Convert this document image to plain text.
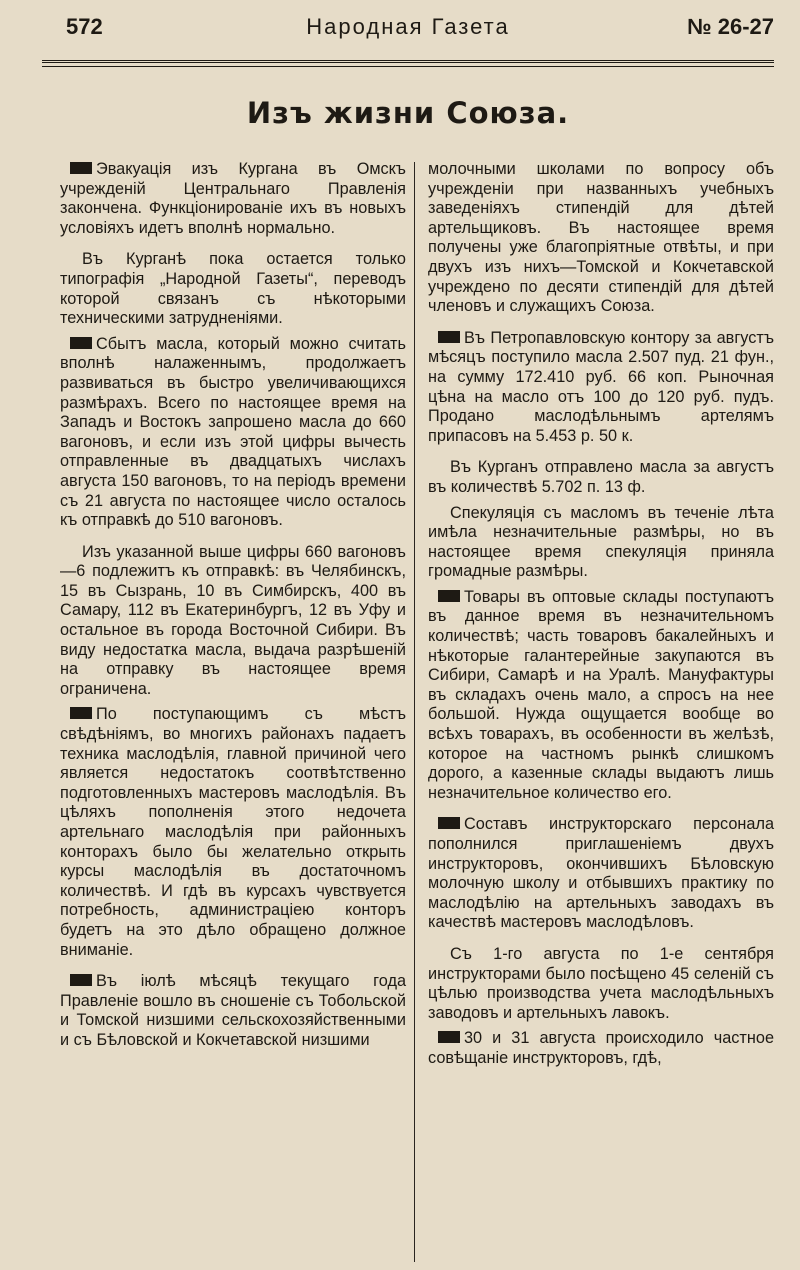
572	Народная Газета	№ 26-27
Изъ жизни Союза.

Эвакуація изъ Кургана въ Омскъ учрежденій Центральнаго Правленія закончена. Функціонированіе ихъ въ новыхъ условіяхъ идетъ вполнѣ нормально.

Въ Курганѣ пока остается только типографія „Народной Газеты“, переводъ которой связанъ съ нѣкоторыми техническими затрудненіями.

Сбытъ масла, который можно считать вполнѣ налаженнымъ, продолжаетъ развиваться въ быстро увеличивающихся размѣрахъ. Всего по настоящее время на Западъ и Востокъ запрошено масла до 660 вагоновъ, и если изъ этой цифры вычесть отправленные въ двадцатыхъ числахъ августа 150 вагоновъ, то на періодъ времени съ 21 августа по настоящее число осталось къ отправкѣ до 510 вагоновъ.

Изъ указанной выше цифры 660 вагоновъ—6 подлежитъ къ отправкѣ: въ Челябинскъ, 15 въ Сызрань, 10 въ Симбирскъ, 400 въ Самару, 112 въ Екатеринбургъ, 12 въ Уфу и остальное въ города Восточной Сибири. Въ виду недостатка масла, выдача разрѣшеній на отправку въ настоящее время ограничена.

По поступающимъ съ мѣстъ свѣдѣніямъ, во многихъ районахъ падаетъ техника маслодѣлія, главной причиной чего является недостатокъ соотвѣтственно подготовленныхъ мастеровъ маслодѣлія. Въ цѣляхъ пополненія этого недочета артельнаго маслодѣлія при районныхъ конторахъ было бы желательно открыть курсы маслодѣлія въ достаточномъ количествѣ. И гдѣ въ курсахъ чувствуется потребность, администраціею конторъ будетъ на это дѣло обращено должное вниманіе.

Въ іюлѣ мѣсяцѣ текущаго года Правленіе вошло въ сношеніе съ Тобольской и Томской низшими сельскохозяйственными и съ Бѣловской и Кокчетавской низшими

молочными школами по вопросу объ учрежденіи при названныхъ учебныхъ заведеніяхъ стипендій для дѣтей артельщиковъ. Въ настоящее время получены уже благопріятные отвѣты, и при двухъ изъ нихъ—Томской и Кокчетавской учреждено по десяти стипендій для дѣтей членовъ и служащихъ Союза.

Въ Петропавловскую контору за августъ мѣсяцъ поступило масла 2.507 пуд. 21 фун., на сумму 172.410 руб. 66 коп. Рыночная цѣна на масло отъ 100 до 120 руб. пудъ. Продано маслодѣльнымъ артелямъ припасовъ на 5.453 р. 50 к.

Въ Курганъ отправлено масла за августъ въ количествѣ 5.702 п. 13 ф.

Спекуляція съ масломъ въ теченіе лѣта имѣла незначительные размѣры, но въ настоящее время спекуляція приняла громадные размѣры.

Товары въ оптовые склады поступаютъ въ данное время въ незначительномъ количествѣ; часть товаровъ бакалейныхъ и нѣкоторые галантерейные закупаются въ Сибири, Самарѣ и на Уралѣ. Мануфактуры въ складахъ очень мало, а спросъ на нее большой. Нужда ощущается вообще во всѣхъ товарахъ, въ особенности въ желѣзѣ, которое на частномъ рынкѣ слишкомъ дорого, а казенные склады выдаютъ лишь незначительное количество его.

Составъ инструкторскаго персонала пополнился приглашеніемъ двухъ инструкторовъ, окончившихъ Бѣловскую молочную школу и отбывшихъ практику по маслодѣлію на артельныхъ заводахъ въ качествѣ мастеровъ маслодѣловъ.

Съ 1-го августа по 1-е сентября инструкторами было посѣщено 45 селеній съ цѣлью производства учета маслодѣльныхъ заводовъ и артельныхъ лавокъ.

30 и 31 августа происходило частное совѣщаніе инструкторовъ, гдѣ,
